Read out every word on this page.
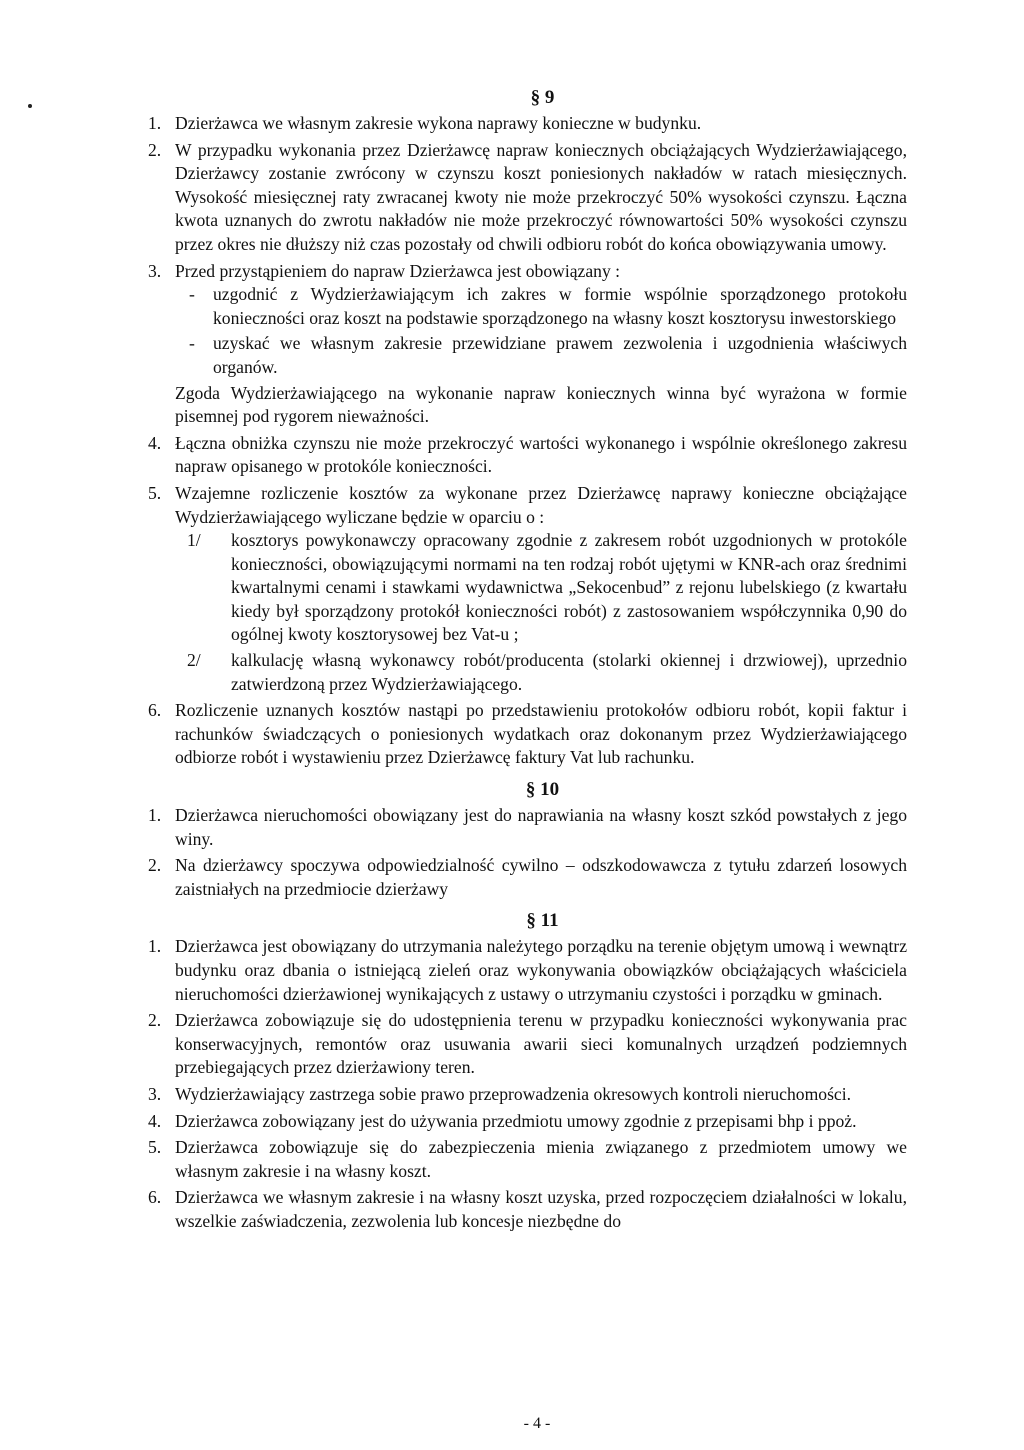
§ 9
1. Dzierżawca we własnym zakresie wykona naprawy konieczne w budynku.
2. W przypadku wykonania przez Dzierżawcę napraw koniecznych obciążających Wydzierżawiającego, Dzierżawcy zostanie zwrócony w czynszu koszt poniesionych nakładów w ratach miesięcznych. Wysokość miesięcznej raty zwracanej kwoty nie może przekroczyć 50% wysokości czynszu. Łączna kwota uznanych do zwrotu nakładów nie może przekroczyć równowartości 50% wysokości czynszu przez okres nie dłuższy niż czas pozostały od chwili odbioru robót do końca obowiązywania umowy.
3. Przed przystąpieniem do napraw Dzierżawca jest obowiązany :
- uzgodnić z Wydzierżawiającym ich zakres w formie wspólnie sporządzonego protokołu konieczności oraz koszt na podstawie sporządzonego na własny koszt kosztorysu inwestorskiego
- uzyskać we własnym zakresie przewidziane prawem zezwolenia i uzgodnienia właściwych organów.
Zgoda Wydzierżawiającego na wykonanie napraw koniecznych winna być wyrażona w formie pisemnej pod rygorem nieważności.
4. Łączna obniżka czynszu nie może przekroczyć wartości wykonanego i wspólnie określonego zakresu napraw opisanego w protokóle konieczności.
5. Wzajemne rozliczenie kosztów za wykonane przez Dzierżawcę naprawy konieczne obciążające Wydzierżawiającego wyliczane będzie w oparciu o :
1/ kosztorys powykonawczy opracowany zgodnie z zakresem robót uzgodnionych w protokóle konieczności, obowiązującymi normami na ten rodzaj robót ujętymi w KNR-ach oraz średnimi kwartalnymi cenami i stawkami wydawnictwa „Sekocenbud” z rejonu lubelskiego (z kwartału kiedy był sporządzony protokół konieczności robót) z zastosowaniem współczynnika 0,90 do ogólnej kwoty kosztorysowej bez Vat-u ;
2/ kalkulację własną wykonawcy robót/producenta (stolarki okiennej i drzwiowej), uprzednio zatwierdzoną przez Wydzierżawiającego.
6. Rozliczenie uznanych kosztów nastąpi po przedstawieniu protokołów odbioru robót, kopii faktur i rachunków świadczących o poniesionych wydatkach oraz dokonanym przez Wydzierżawiającego odbiorze robót i wystawieniu przez Dzierżawcę faktury Vat lub rachunku.
§ 10
1. Dzierżawca nieruchomości obowiązany jest do naprawiania na własny koszt szkód powstałych z jego winy.
2. Na dzierżawcy spoczywa odpowiedzialność cywilno – odszkodowawcza z tytułu zdarzeń losowych zaistniałych na przedmiocie dzierżawy
§ 11
1. Dzierżawca jest obowiązany do utrzymania należytego porządku na terenie objętym umową i wewnątrz budynku oraz dbania o istniejącą zieleń oraz wykonywania obowiązków obciążających właściciela nieruchomości dzierżawionej wynikających z ustawy o utrzymaniu czystości i porządku w gminach.
2. Dzierżawca zobowiązuje się do udostępnienia terenu w przypadku konieczności wykonywania prac konserwacyjnych, remontów oraz usuwania awarii sieci komunalnych urządzeń podziemnych przebiegających przez dzierżawiony teren.
3. Wydzierżawiający zastrzega sobie prawo przeprowadzenia okresowych kontroli nieruchomości.
4. Dzierżawca zobowiązany jest do używania przedmiotu umowy zgodnie z przepisami bhp i ppoż.
5. Dzierżawca zobowiązuje się do zabezpieczenia mienia związanego z przedmiotem umowy we własnym zakresie i na własny koszt.
6. Dzierżawca we własnym zakresie i na własny koszt uzyska, przed rozpoczęciem działalności w lokalu, wszelkie zaświadczenia, zezwolenia lub koncesje niezbędne do
- 4 -
